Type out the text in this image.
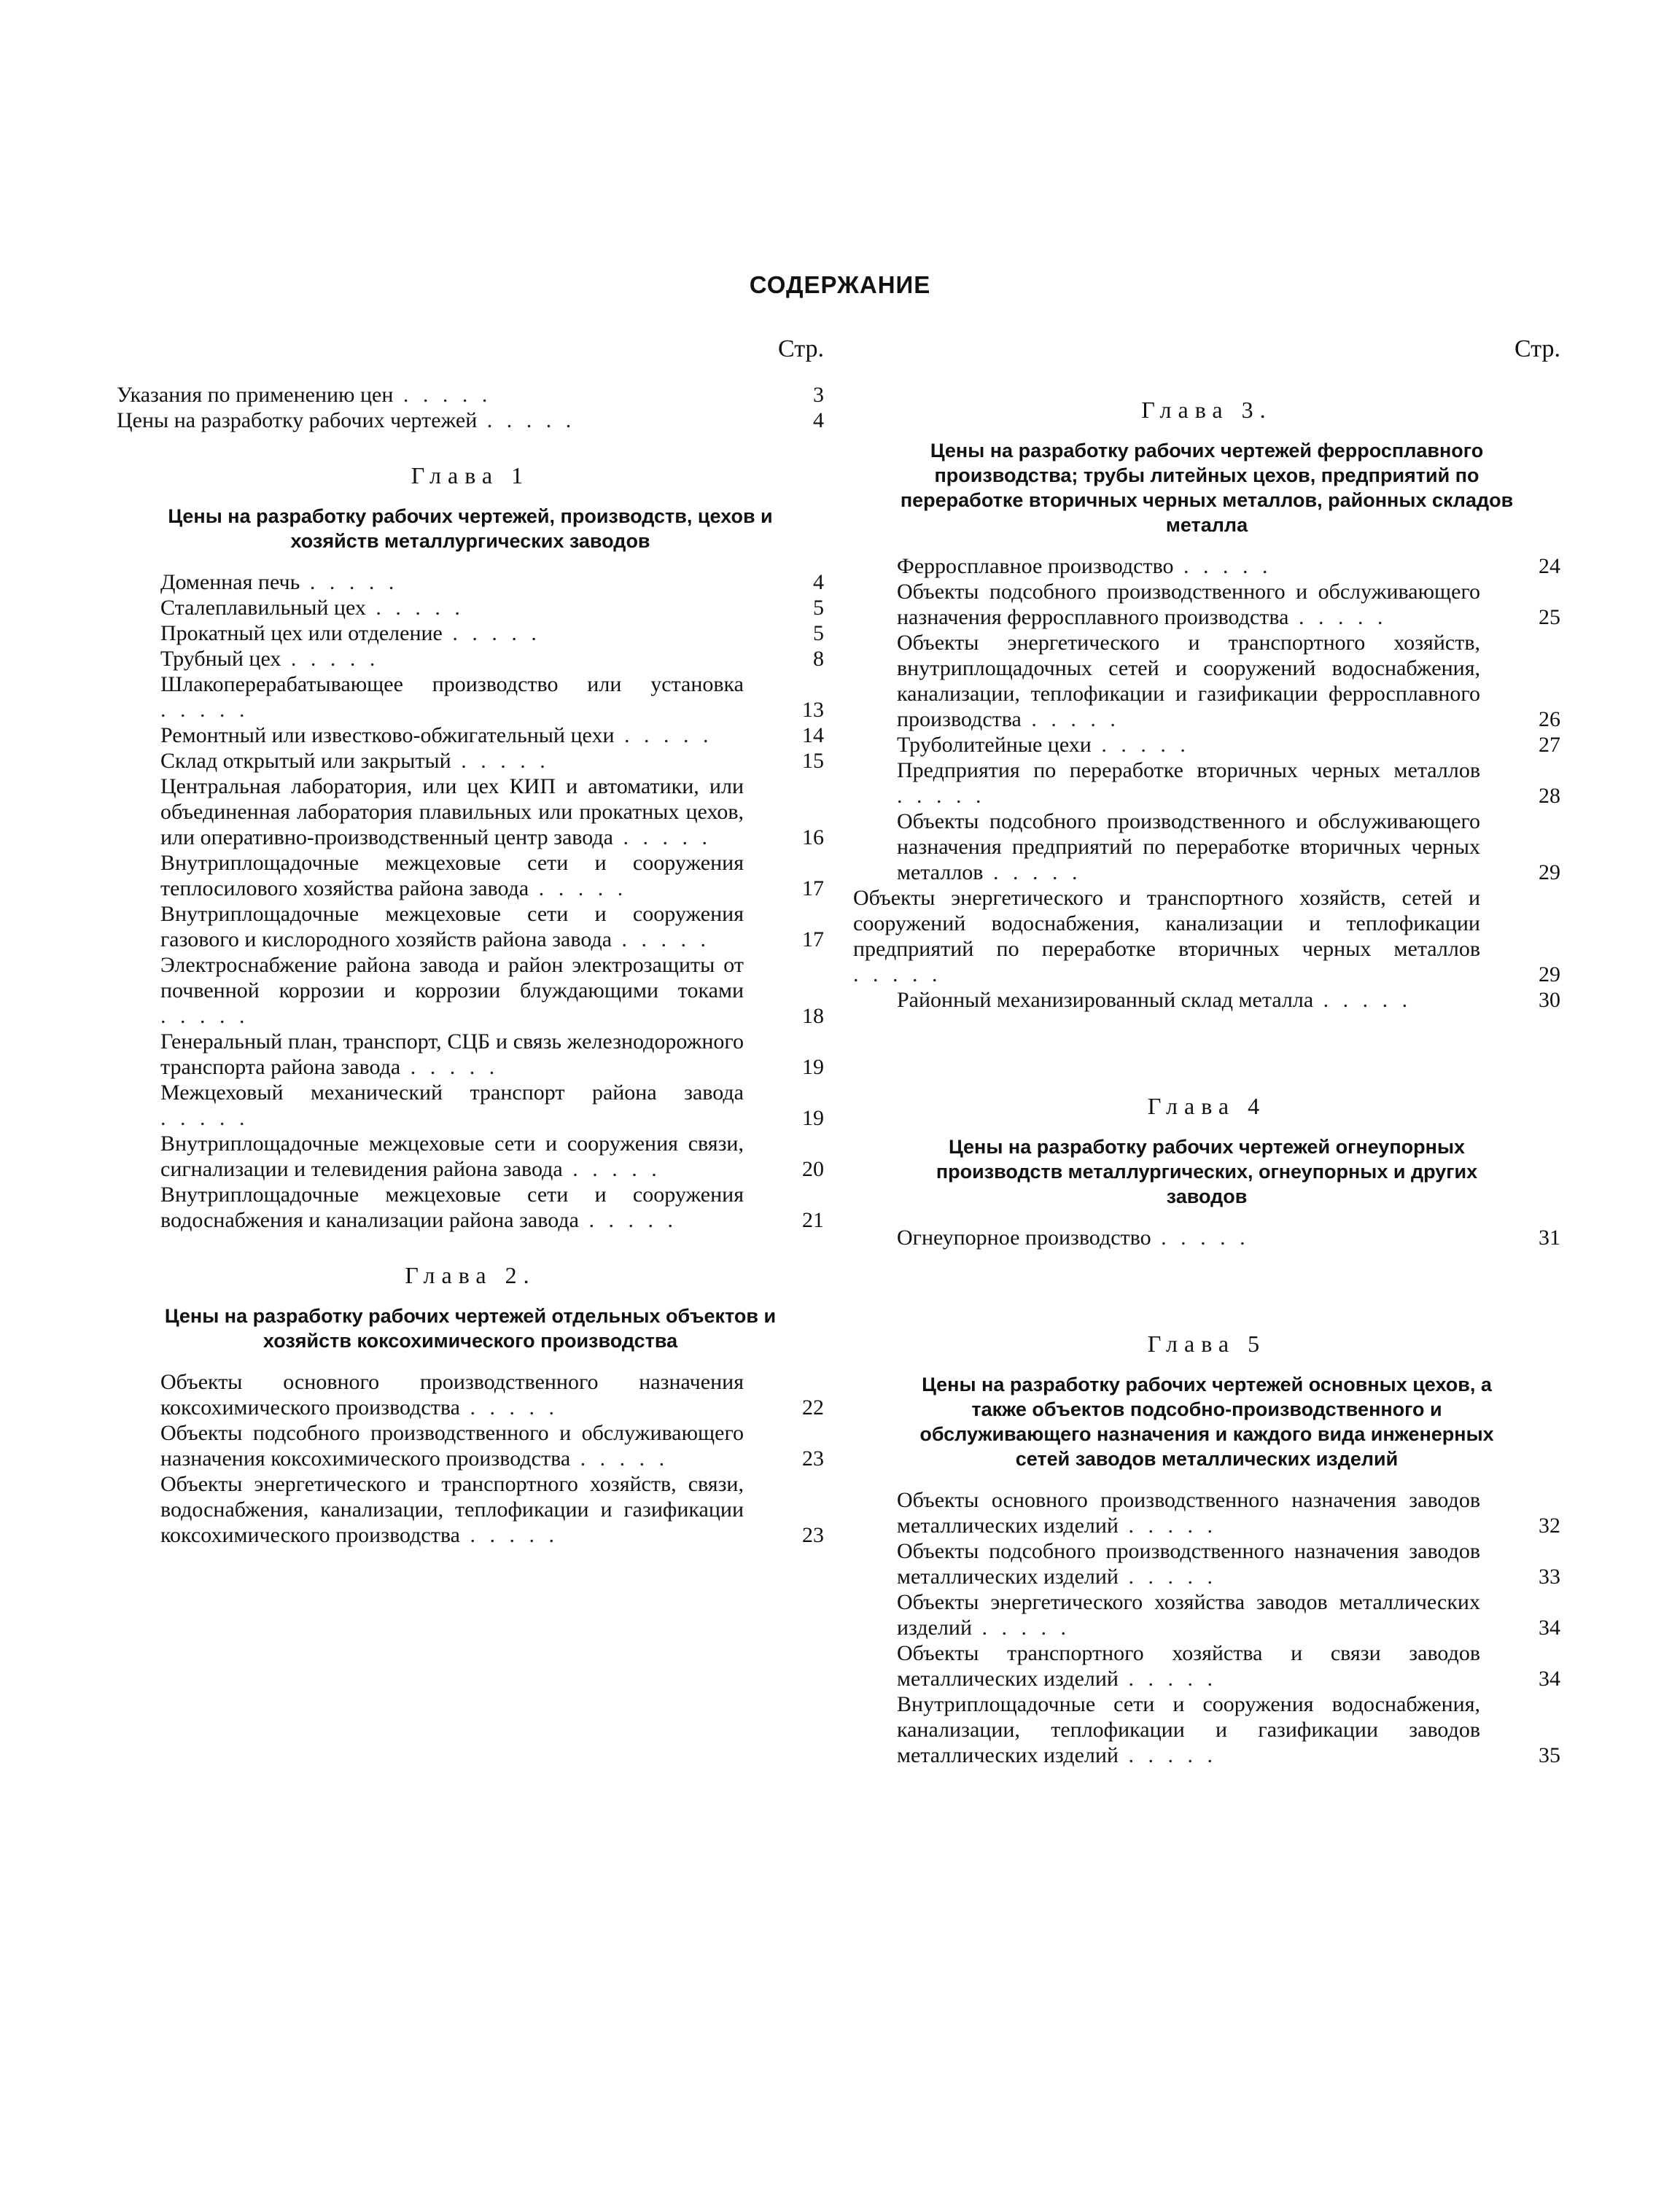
СОДЕРЖАНИЕ
Стр.
Указания по применению цен . . . . .	3
Цены на разработку рабочих чертежей . . . . .	4
Глава 1
Цены на разработку рабочих чертежей, производств, цехов и хозяйств металлургических заводов
Доменная печь . . . . .	4
Сталеплавильный цех . . . . .	5
Прокатный цех или отделение . . . . .	5
Трубный цех . . . . .	8
Шлакоперерабатывающее производство или установка . . . . .	13
Ремонтный или известково-обжигательный цехи . . . . .	14
Склад открытый или закрытый . . . . .	15
Центральная лаборатория, или цех КИП и автоматики, или объединенная лаборатория плавильных или прокатных цехов, или оперативно-производственный центр завода . . . . .	16
Внутриплощадочные межцеховые сети и сооружения теплосилового хозяйства района завода . . . . .	17
Внутриплощадочные межцеховые сети и сооружения газового и кислородного хозяйств района завода . . . . .	17
Электроснабжение района завода и район электрозащиты от почвенной коррозии и коррозии блуждающими токами . . . . .	18
Генеральный план, транспорт, СЦБ и связь железнодорожного транспорта района завода . . . . .	19
Межцеховый механический транспорт района завода . . . . .	19
Внутриплощадочные межцеховые сети и сооружения связи, сигнализации и телевидения района завода . . . . .	20
Внутриплощадочные межцеховые сети и сооружения водоснабжения и канализации района завода . . . . .	21
Глава 2.
Цены на разработку рабочих чертежей отдельных объектов и хозяйств коксохимического производства
Объекты основного производственного назначения коксохимического производства . . . . .	22
Объекты подсобного производственного и обслуживающего назначения коксохимического производства . . . . .	23
Объекты энергетического и транспортного хозяйств, связи, водоснабжения, канализации, теплофикации и газификации коксохимического производства . . . . .	23
Стр.
Глава 3.
Цены на разработку рабочих чертежей ферросплавного производства; трубы литейных цехов, предприятий по переработке вторичных черных металлов, районных складов металла
Ферросплавное производство . . . . .	24
Объекты подсобного производственного и обслуживающего назначения ферросплавного производства . . . . .	25
Объекты энергетического и транспортного хозяйств, внутриплощадочных сетей и сооружений водоснабжения, канализации, теплофикации и газификации ферросплавного производства . . . . .	26
Труболитейные цехи . . . . .	27
Предприятия по переработке вторичных черных металлов . . . . .	28
Объекты подсобного производственного и обслуживающего назначения предприятий по переработке вторичных черных металлов . . . . .	29
Объекты энергетического и транспортного хозяйств, сетей и сооружений водоснабжения, канализации и теплофикации предприятий по переработке вторичных черных металлов . . . . .	29
Районный механизированный склад металла . . . . .	30
Глава 4
Цены на разработку рабочих чертежей огнеупорных производств металлургических, огнеупорных и других заводов
Огнеупорное производство . . . . .	31
Глава 5
Цены на разработку рабочих чертежей основных цехов, а также объектов подсобно-производственного и обслуживающего назначения и каждого вида инженерных сетей заводов металлических изделий
Объекты основного производственного назначения заводов металлических изделий . . . . .	32
Объекты подсобного производственного назначения заводов металлических изделий . . . . .	33
Объекты энергетического хозяйства заводов металлических изделий . . . . .	34
Объекты транспортного хозяйства и связи заводов металлических изделий . . . . .	34
Внутриплощадочные сети и сооружения водоснабжения, канализации, теплофикации и газификации заводов металлических изделий . . . . .	35
